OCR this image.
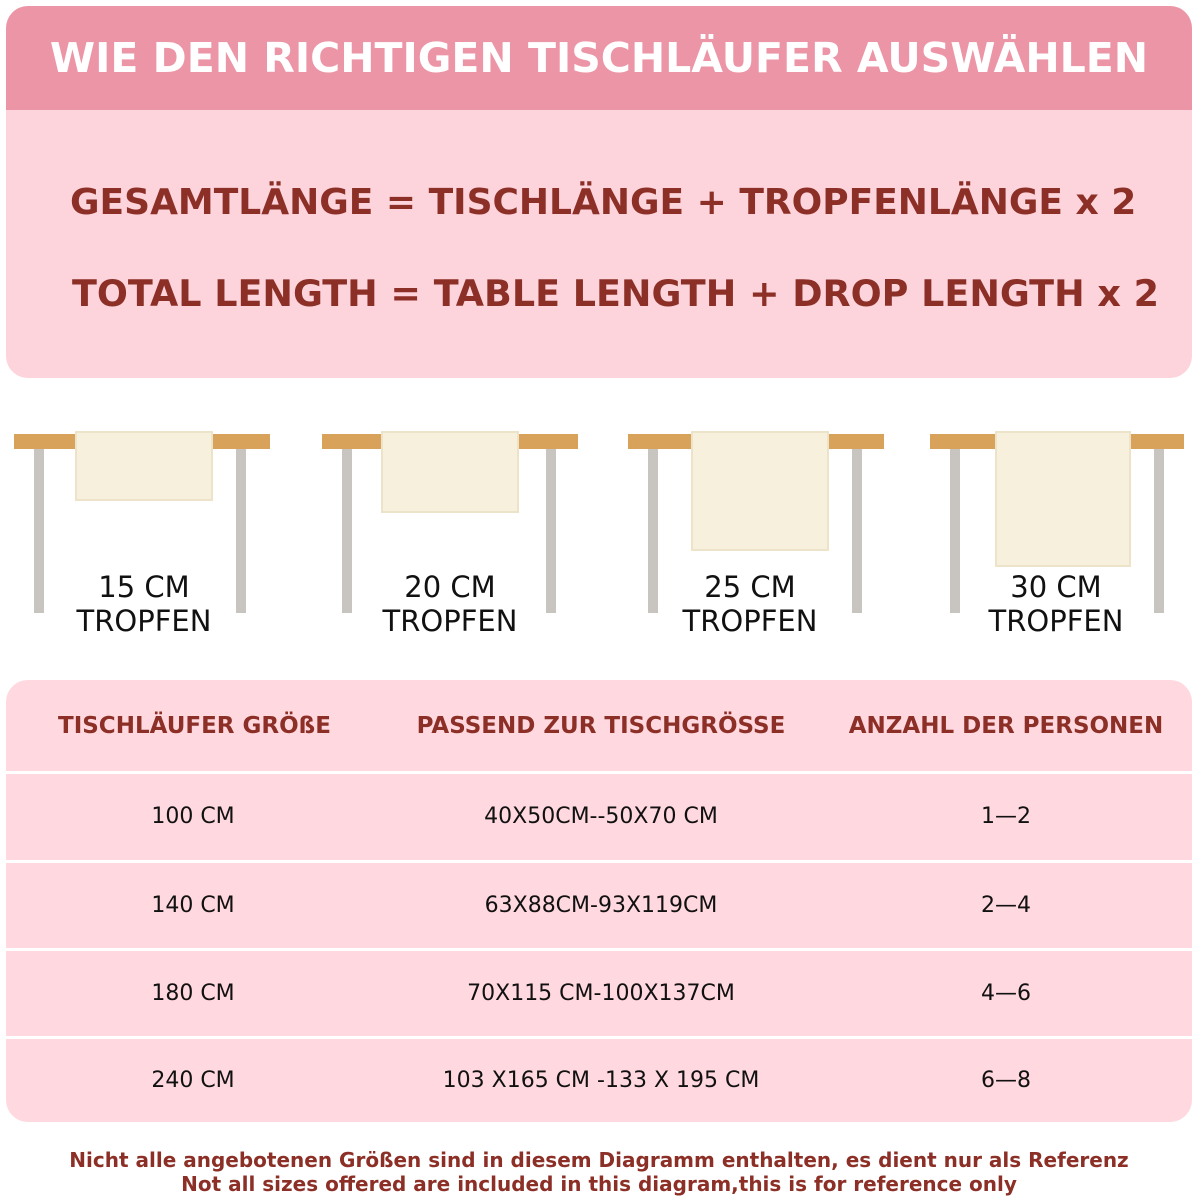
WIE DEN RICHTIGEN TISCHLÄUFER AUSWÄHLEN
GESAMTLÄNGE = TISCHLÄNGE + TROPFENLÄNGE x 2
TOTAL LENGTH = TABLE LENGTH + DROP LENGTH x 2
15 CM
TROPFEN
20 CM
TROPFEN
25 CM
TROPFEN
30 CM
TROPFEN
TISCHLÄUFER GRÖßE	PASSEND ZUR TISCHGRÖSSE	ANZAHL DER PERSONEN
100 CM	40X50CM--50X70 CM	1—2
140 CM	63X88CM-93X119CM	2—4
180 CM	70X115 CM-100X137CM	4—6
240 CM	103 X165 CM -133 X 195 CM	6—8
Nicht alle angebotenen Größen sind in diesem Diagramm enthalten, es dient nur als Referenz
Not all sizes offered are included in this diagram,this is for reference only
